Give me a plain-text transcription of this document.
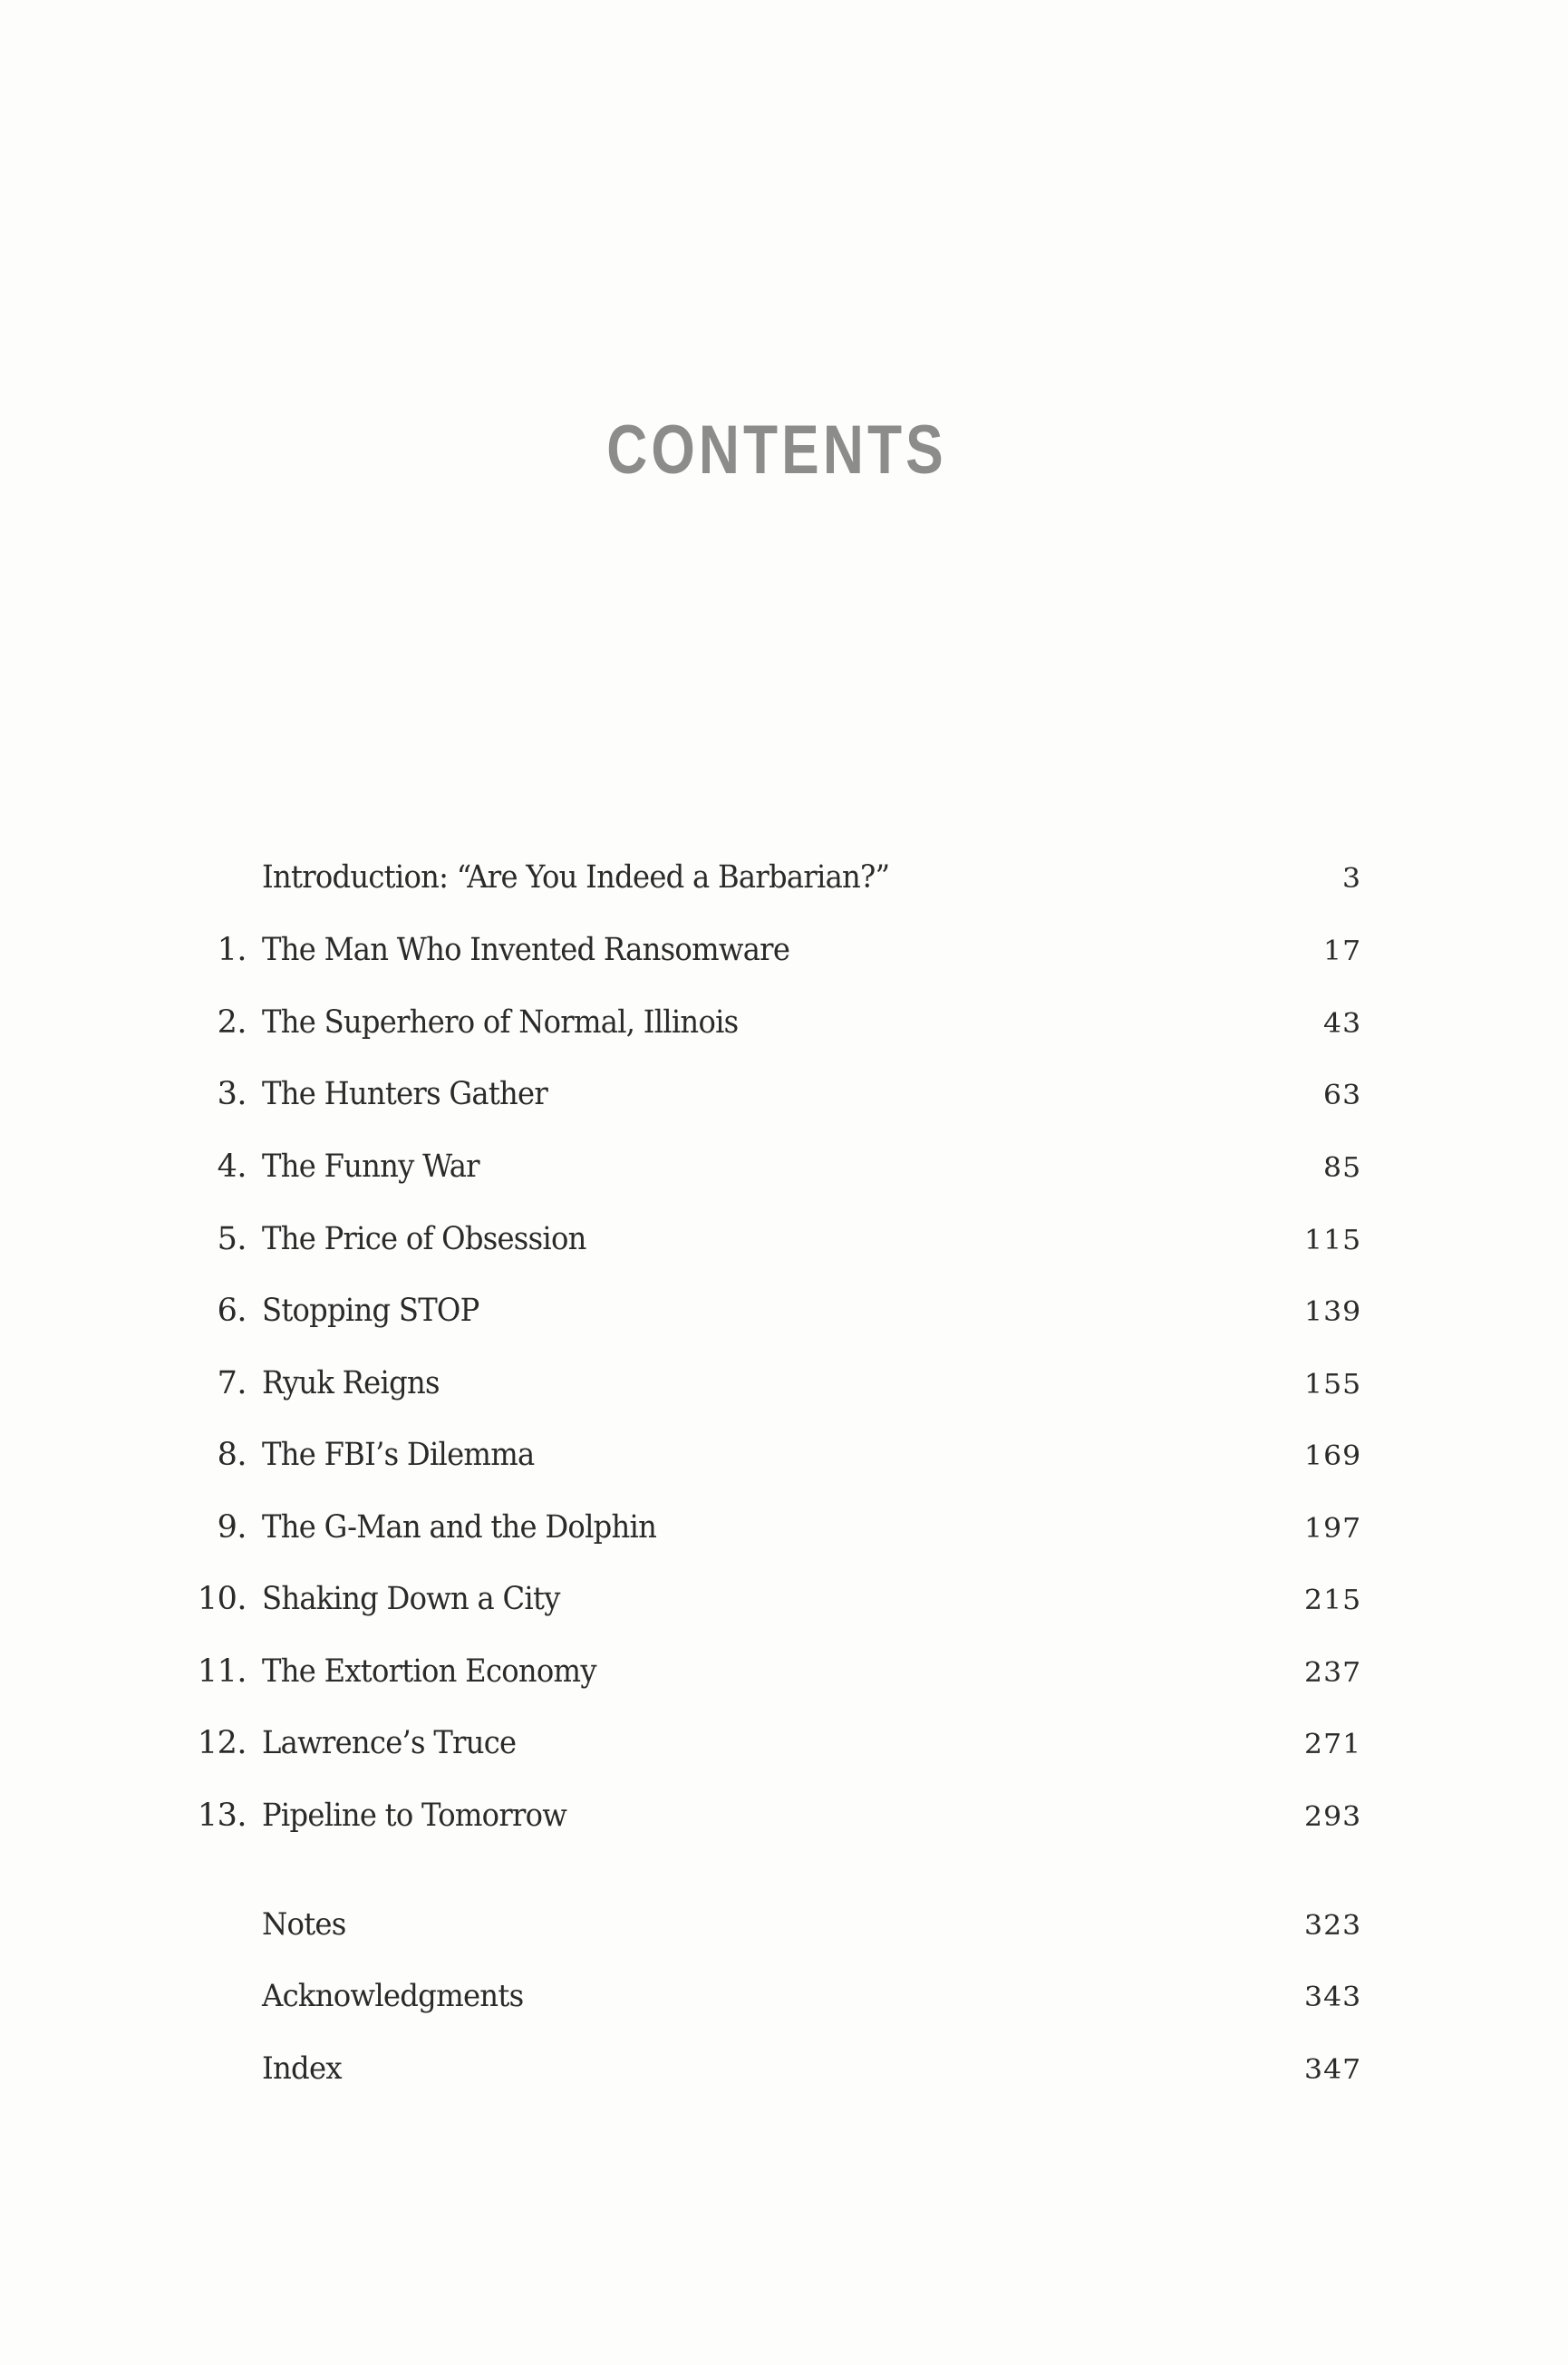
CONTENTS
Introduction: “Are You Indeed a Barbarian?”	3
1. The Man Who Invented Ransomware	17
2. The Superhero of Normal, Illinois	43
3. The Hunters Gather	63
4. The Funny War	85
5. The Price of Obsession	115
6. Stopping STOP	139
7. Ryuk Reigns	155
8. The FBI’s Dilemma	169
9. The G-Man and the Dolphin	197
10. Shaking Down a City	215
11. The Extortion Economy	237
12. Lawrence’s Truce	271
13. Pipeline to Tomorrow	293
Notes	323
Acknowledgments	343
Index	347
